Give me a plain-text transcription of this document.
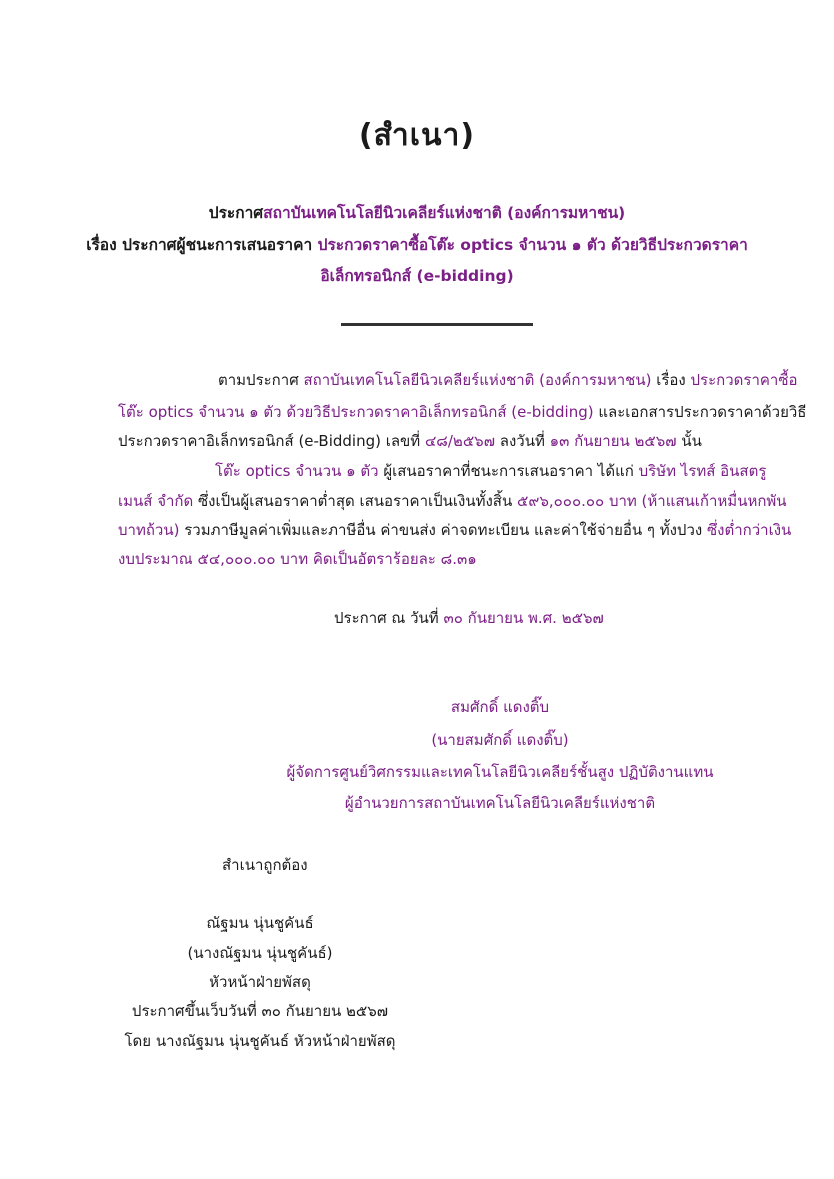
(สำเนา)
ประกาศสถาบันเทคโนโลยีนิวเคลียร์แห่งชาติ (องค์การมหาชน)
เรื่อง ประกาศผู้ชนะการเสนอราคา ประกวดราคาซื้อโต๊ะ optics จำนวน ๑ ตัว ด้วยวิธีประกวดราคา
อิเล็กทรอนิกส์ (e-bidding)
ตามประกาศ สถาบันเทคโนโลยีนิวเคลียร์แห่งชาติ (องค์การมหาชน) เรื่อง ประกวดราคาซื้อ
โต๊ะ optics จำนวน ๑ ตัว ด้วยวิธีประกวดราคาอิเล็กทรอนิกส์ (e-bidding) และเอกสารประกวดราคาด้วยวิธี
ประกวดราคาอิเล็กทรอนิกส์ (e-Bidding) เลขที่ ๔๘/๒๕๖๗ ลงวันที่ ๑๓ กันยายน ๒๕๖๗ นั้น
โต๊ะ optics จำนวน ๑ ตัว ผู้เสนอราคาที่ชนะการเสนอราคา ได้แก่ บริษัท ไรทส์ อินสตรู
เมนส์ จำกัด ซึ่งเป็นผู้เสนอราคาต่ำสุด เสนอราคาเป็นเงินทั้งสิ้น ๕๙๖,๐๐๐.๐๐ บาท (ห้าแสนเก้าหมื่นหกพัน
บาทถ้วน) รวมภาษีมูลค่าเพิ่มและภาษีอื่น ค่าขนส่ง ค่าจดทะเบียน และค่าใช้จ่ายอื่น ๆ ทั้งปวง ซึ่งต่ำกว่าเงิน
งบประมาณ ๕๔,๐๐๐.๐๐ บาท คิดเป็นอัตราร้อยละ ๘.๓๑
ประกาศ ณ วันที่ ๓๐ กันยายน พ.ศ. ๒๕๖๗
สมศักดิ์ แดงติ๊บ
(นายสมศักดิ์ แดงติ๊บ)
ผู้จัดการศูนย์วิศกรรมและเทคโนโลยีนิวเคลียร์ชั้นสูง ปฏิบัติงานแทน
ผู้อำนวยการสถาบันเทคโนโลยีนิวเคลียร์แห่งชาติ
สำเนาถูกต้อง
ณัฐมน นุ่นชูคันธ์
(นางณัฐมน นุ่นชูคันธ์)
หัวหน้าฝ่ายพัสดุ
ประกาศขึ้นเว็บวันที่ ๓๐ กันยายน ๒๕๖๗
โดย นางณัฐมน นุ่นชูคันธ์ หัวหน้าฝ่ายพัสดุ
